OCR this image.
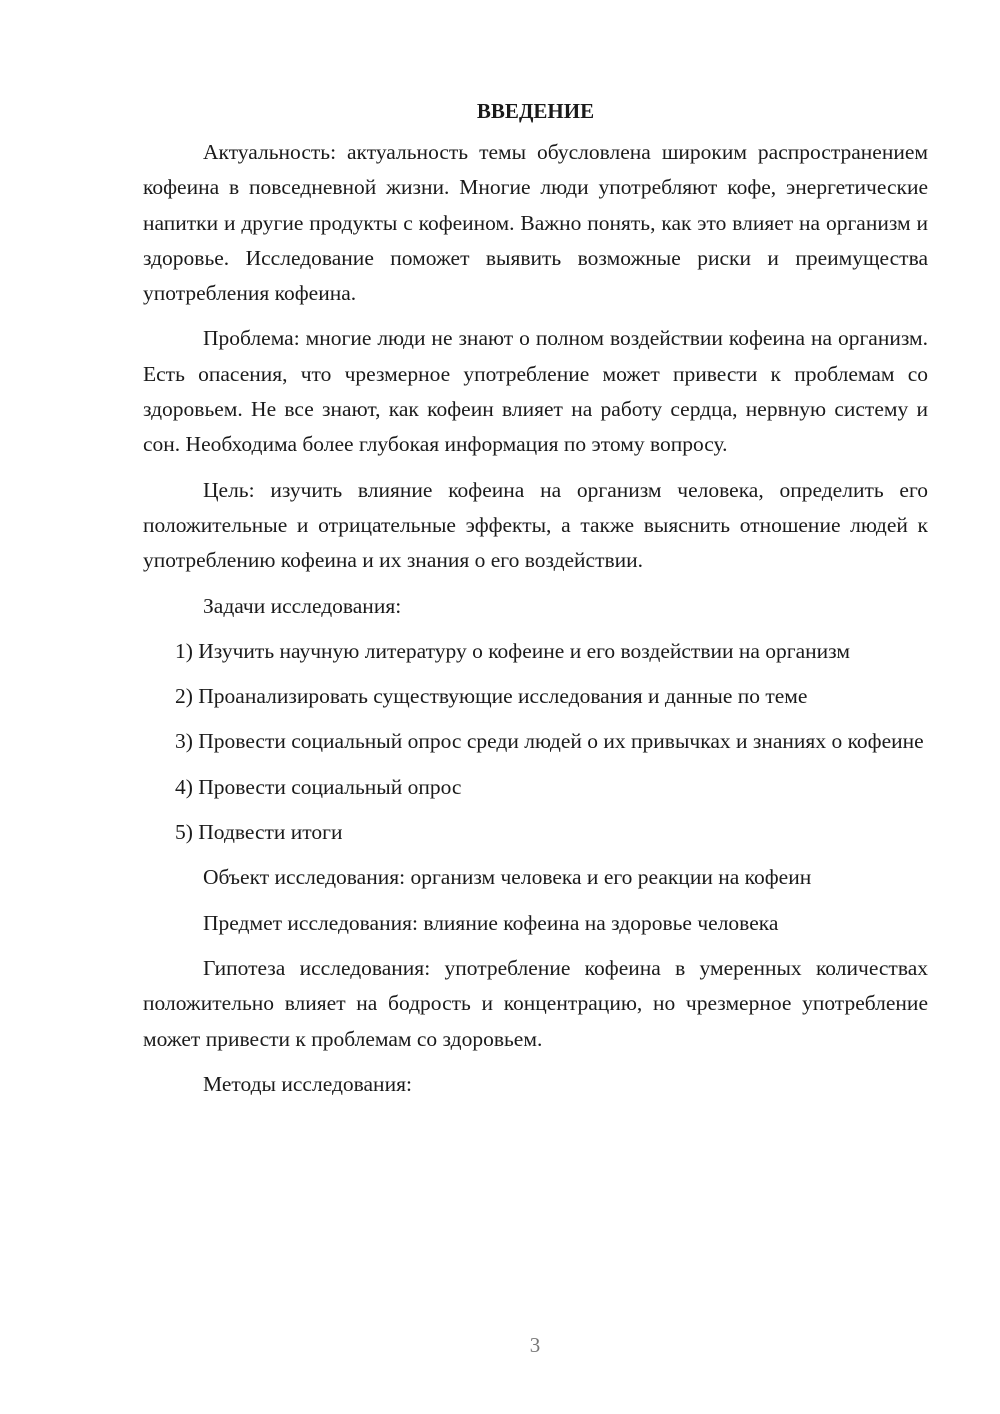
ВВЕДЕНИЕ

Актуальность: актуальность темы обусловлена широким распространением кофеина в повседневной жизни. Многие люди употребляют кофе, энергетические напитки и другие продукты с кофеином. Важно понять, как это влияет на организм и здоровье. Исследование поможет выявить возможные риски и преимущества употребления кофеина.

Проблема: многие люди не знают о полном воздействии кофеина на организм. Есть опасения, что чрезмерное употребление может привести к проблемам со здоровьем. Не все знают, как кофеин влияет на работу сердца, нервную систему и сон. Необходима более глубокая информация по этому вопросу.

Цель: изучить влияние кофеина на организм человека, определить его положительные и отрицательные эффекты, а также выяснить отношение людей к употреблению кофеина и их знания о его воздействии.

Задачи исследования:

1) Изучить научную литературу о кофеине и его воздействии на организм

2) Проанализировать существующие исследования и данные по теме

3) Провести социальный опрос среди людей о их привычках и знаниях о кофеине

4) Провести социальный опрос

5) Подвести итоги

Объект исследования: организм человека и его реакции на кофеин

Предмет исследования: влияние кофеина на здоровье человека

Гипотеза исследования: употребление кофеина в умеренных количествах положительно влияет на бодрость и концентрацию, но чрезмерное употребление может привести к проблемам со здоровьем.

Методы исследования:

3
